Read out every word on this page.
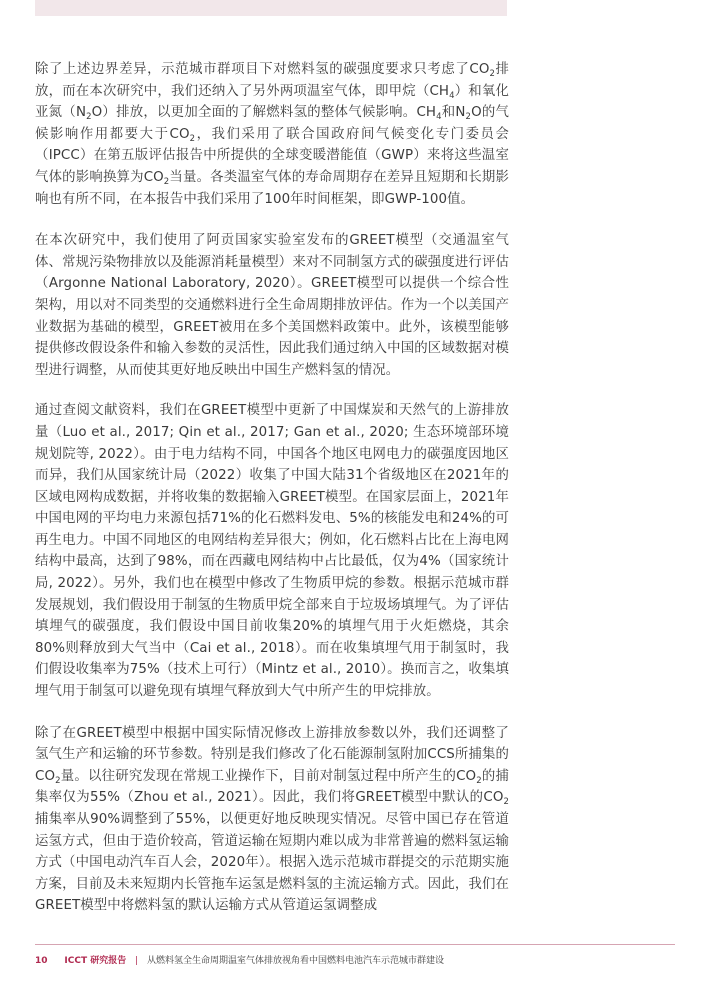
除了上述边界差异，示范城市群项目下对燃料氢的碳强度要求只考虑了$CO_2$排放，而在本次研究中，我们还纳入了另外两项温室气体，即甲烷$(CH_4)$和氧化亚氮$(N_2O)$排放，以更加全面的了解燃料氢的整体气候影响。$CH_4$和$N_2O$的气候影响作用都要大于$CO_2$，我们采用了联合国政府间气候变化专门委员会（IPCC）在第五版评估报告中所提供的全球变暖潜能值（GWP）来将这些温室气体的影响换算为$CO_2$当量。各类温室气体的寿命周期存在差异且短期和长期影响也有所不同，在本报告中我们采用了100年时间框架，即GWP-100值。

在本次研究中，我们使用了阿贡国家实验室发布的GREET模型（交通温室气体、常规污染物排放以及能源消耗量模型）来对不同制氢方式的碳强度进行评估（Argonne National Laboratory, 2020）。GREET模型可以提供一个综合性架构，用以对不同类型的交通燃料进行全生命周期排放评估。作为一个以美国产业数据为基础的模型，GREET被用在多个美国燃料政策中。此外，该模型能够提供修改假设条件和输入参数的灵活性，因此我们通过纳入中国的区域数据对模型进行调整，从而使其更好地反映出中国生产燃料氢的情况。

通过查阅文献资料，我们在GREET模型中更新了中国煤炭和天然气的上游排放量（Luo et al., 2017; Qin et al., 2017; Gan et al., 2020; 生态环境部环境规划院等, 2022）。由于电力结构不同，中国各个地区电网电力的碳强度因地区而异，我们从国家统计局（2022）收集了中国大陆31个省级地区在2021年的区域电网构成数据，并将收集的数据输入GREET模型。在国家层面上，2021年中国电网的平均电力来源包括71%的化石燃料发电、5%的核能发电和24%的可再生电力。中国不同地区的电网结构差异很大；例如，化石燃料占比在上海电网结构中最高，达到了98%，而在西藏电网结构中占比最低，仅为4%（国家统计局, 2022）。另外，我们也在模型中修改了生物质甲烷的参数。根据示范城市群发展规划，我们假设用于制氢的生物质甲烷全部来自于垃圾场填埋气。为了评估填埋气的碳强度，我们假设中国目前收集20%的填埋气用于火炬燃烧，其余80%则释放到大气当中（Cai et al., 2018）。而在收集填埋气用于制氢时，我们假设收集率为75%（技术上可行）（Mintz et al., 2010）。换而言之，收集填埋气用于制氢可以避免现有填埋气释放到大气中所产生的甲烷排放。

除了在GREET模型中根据中国实际情况修改上游排放参数以外，我们还调整了氢气生产和运输的环节参数。特别是我们修改了化石能源制氢附加CCS所捕集的$CO_2$量。以往研究发现在常规工业操作下，目前对制氢过程中所产生的$CO_2$的捕集率仅为55%（Zhou et al., 2021）。因此，我们将GREET模型中默认的$CO_2$捕集率从90%调整到了55%，以便更好地反映现实情况。尽管中国已存在管道运氢方式，但由于造价较高，管道运输在短期内难以成为非常普遍的燃料氢运输方式（中国电动汽车百人会，2020年）。根据入选示范城市群提交的示范期实施方案，目前及未来短期内长管拖车运氢是燃料氢的主流运输方式。因此，我们在GREET模型中将燃料氢的默认运输方式从管道运氢调整成

10 ICCT 研究报告 | 从燃料氢全生命周期温室气体排放视角看中国燃料电池汽车示范城市群建设
